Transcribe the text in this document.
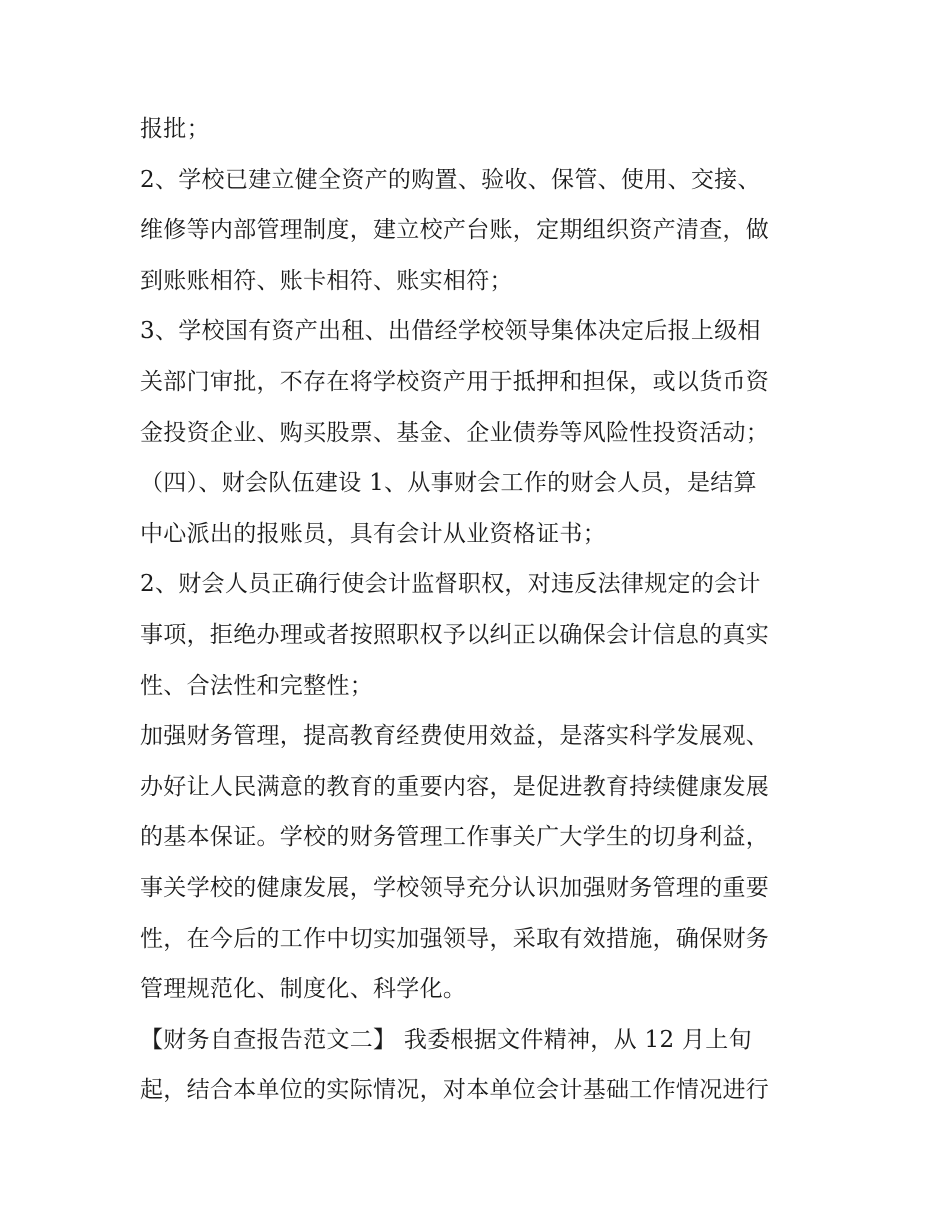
报批；
2、学校已建立健全资产的购置、验收、保管、使用、交接、
维修等内部管理制度，建立校产台账，定期组织资产清查，做
到账账相符、账卡相符、账实相符；
3、学校国有资产出租、出借经学校领导集体决定后报上级相
关部门审批，不存在将学校资产用于抵押和担保，或以货币资
金投资企业、购买股票、基金、企业债券等风险性投资活动；
（四）、财会队伍建设 1、从事财会工作的财会人员，是结算
中心派出的报账员，具有会计从业资格证书；
2、财会人员正确行使会计监督职权，对违反法律规定的会计
事项，拒绝办理或者按照职权予以纠正以确保会计信息的真实
性、合法性和完整性；
加强财务管理，提高教育经费使用效益，是落实科学发展观、
办好让人民满意的教育的重要内容，是促进教育持续健康发展
的基本保证。学校的财务管理工作事关广大学生的切身利益，
事关学校的健康发展，学校领导充分认识加强财务管理的重要
性，在今后的工作中切实加强领导，采取有效措施，确保财务
管理规范化、制度化、科学化。
【财务自查报告范文二】 我委根据文件精神，从 12 月上旬
起，结合本单位的实际情况，对本单位会计基础工作情况进行
